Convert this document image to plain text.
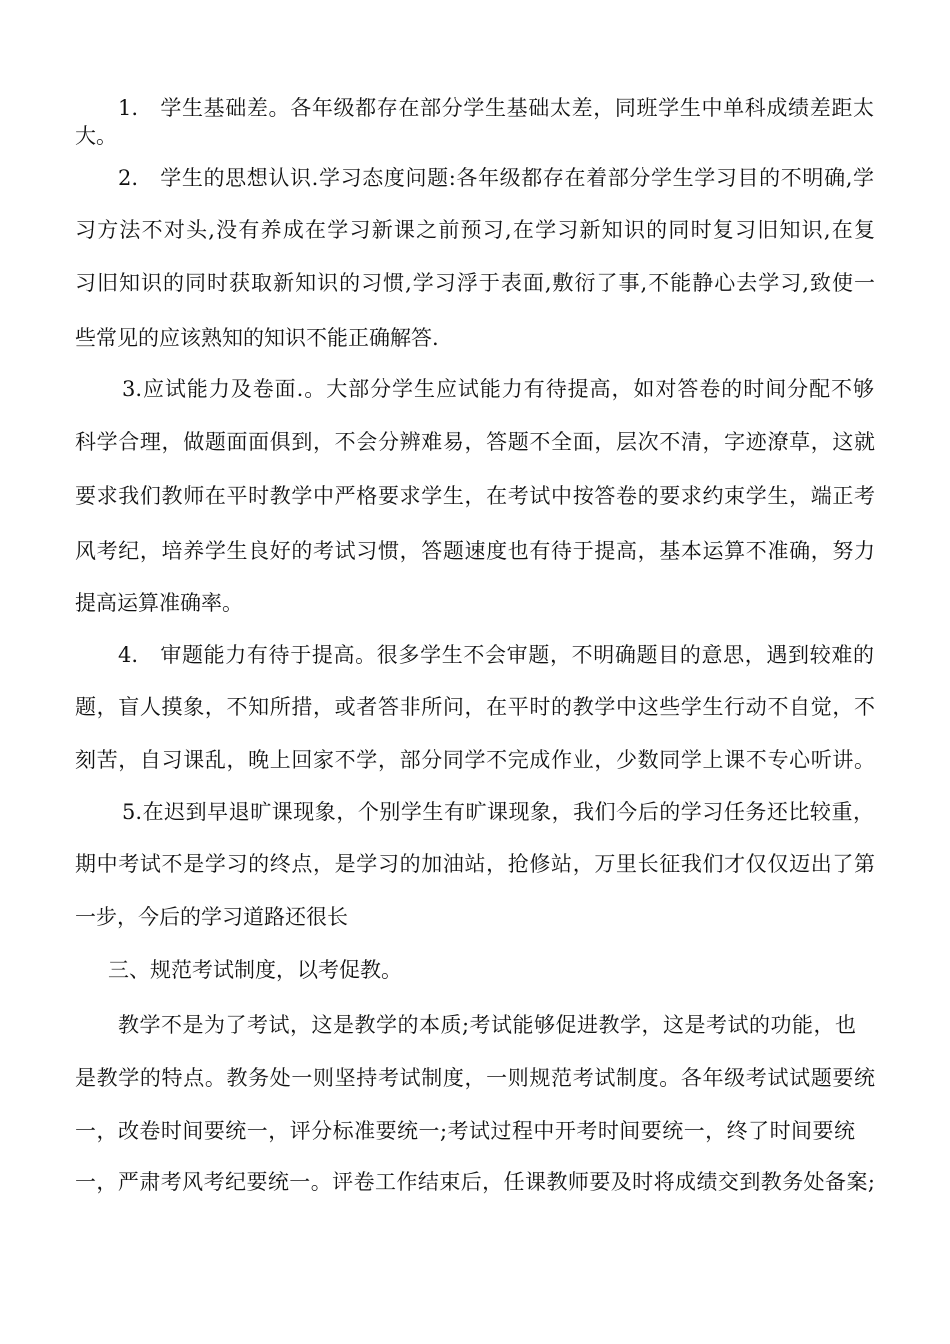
1.　学生基础差。各年级都存在部分学生基础太差，同班学生中单科成绩差距太
大。
2.　学生的思想认识.学习态度问题:各年级都存在着部分学生学习目的不明确,学
习方法不对头,没有养成在学习新课之前预习,在学习新知识的同时复习旧知识,在复
习旧知识的同时获取新知识的习惯,学习浮于表面,敷衍了事,不能静心去学习,致使一
些常见的应该熟知的知识不能正确解答.
3.应试能力及卷面.。大部分学生应试能力有待提高，如对答卷的时间分配不够
科学合理，做题面面俱到，不会分辨难易，答题不全面，层次不清，字迹潦草，这就
要求我们教师在平时教学中严格要求学生，在考试中按答卷的要求约束学生，端正考
风考纪，培养学生良好的考试习惯，答题速度也有待于提高，基本运算不准确，努力
提高运算准确率。
4.　审题能力有待于提高。很多学生不会审题，不明确题目的意思，遇到较难的
题，盲人摸象，不知所措，或者答非所问，在平时的教学中这些学生行动不自觉，不
刻苦，自习课乱，晚上回家不学，部分同学不完成作业，少数同学上课不专心听讲。
5.在迟到早退旷课现象，个别学生有旷课现象，我们今后的学习任务还比较重，
期中考试不是学习的终点，是学习的加油站，抢修站，万里长征我们才仅仅迈出了第
一步，今后的学习道路还很长
三、规范考试制度，以考促教。
教学不是为了考试，这是教学的本质;考试能够促进教学，这是考试的功能，也
是教学的特点。教务处一则坚持考试制度，一则规范考试制度。各年级考试试题要统
一，改卷时间要统一，评分标准要统一;考试过程中开考时间要统一，终了时间要统
一，严肃考风考纪要统一。评卷工作结束后，任课教师要及时将成绩交到教务处备案;
